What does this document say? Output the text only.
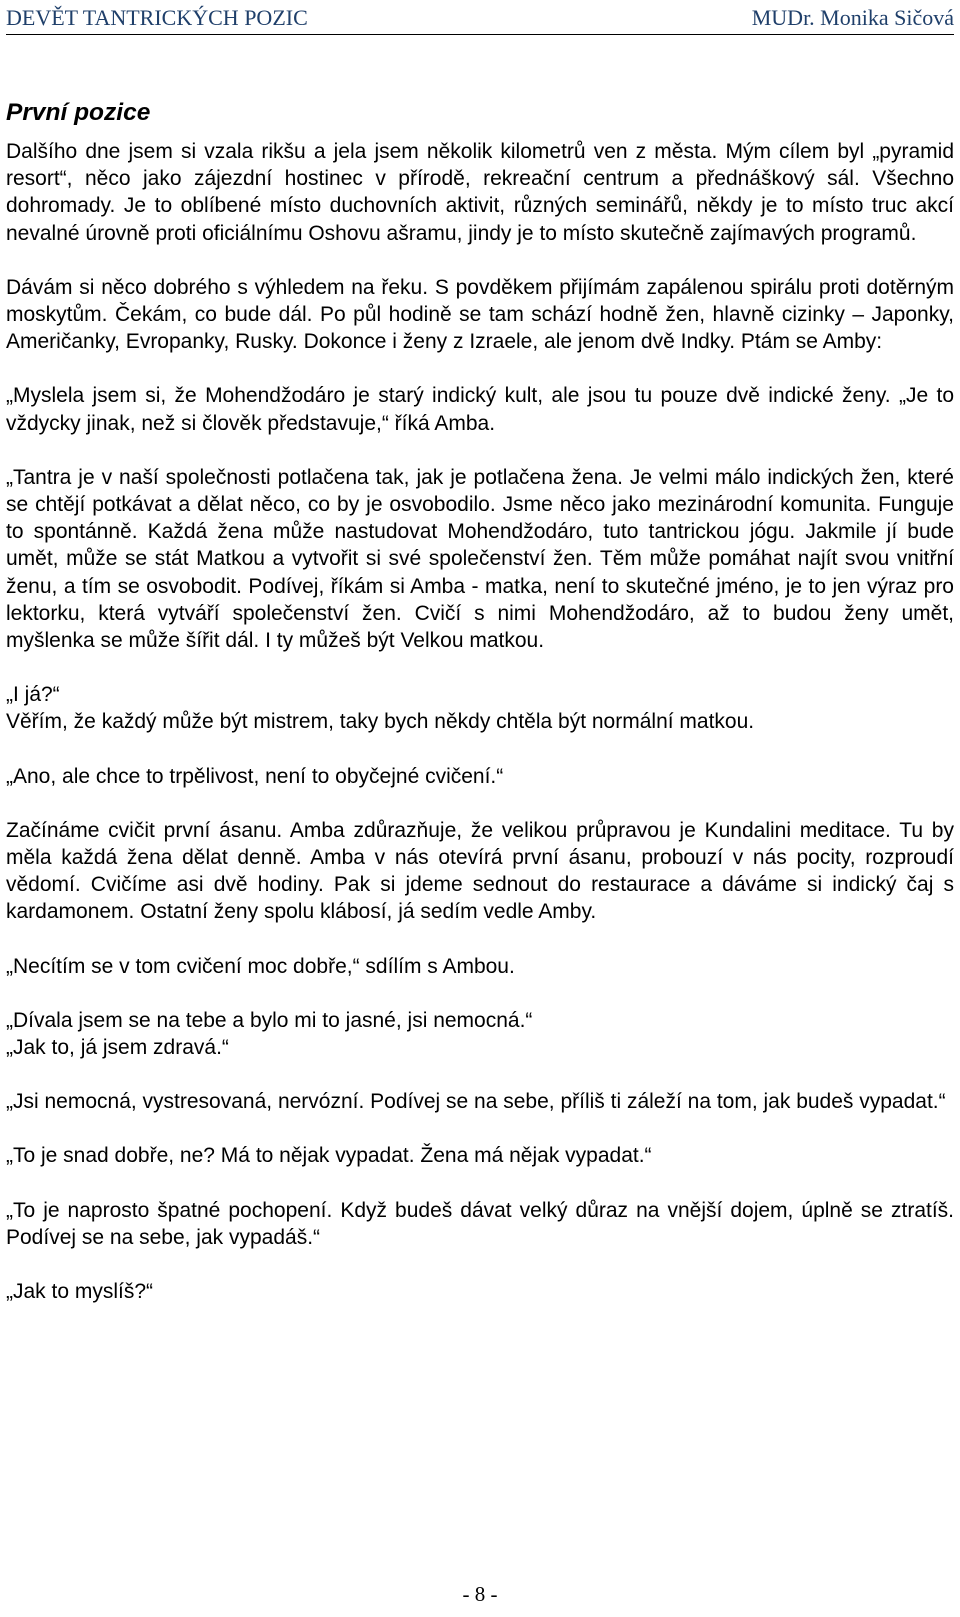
DEVĚT TANTRICKÝCH POZIC	MUDr. Monika Sičová
První pozice

Dalšího dne jsem si vzala rikšu a jela jsem několik kilometrů ven z města. Mým cílem byl „pyramid resort“, něco jako zájezdní hostinec v přírodě, rekreační centrum a přednáškový sál. Všechno dohromady. Je to oblíbené místo duchovních aktivit, různých seminářů, někdy je to místo truc akcí nevalné úrovně proti oficiálnímu Oshovu ašramu, jindy je to místo skutečně zajímavých programů.

Dávám si něco dobrého s výhledem na řeku. S povděkem přijímám zapálenou spirálu proti dotěrným moskytům. Čekám, co bude dál. Po půl hodině se tam schází hodně žen, hlavně cizinky – Japonky, Američanky, Evropanky, Rusky. Dokonce i ženy z Izraele, ale jenom dvě Indky. Ptám se Amby:

„Myslela jsem si, že Mohendžodáro je starý indický kult, ale jsou tu pouze dvě indické ženy. „Je to vždycky jinak, než si člověk představuje,“ říká Amba.

„Tantra je v naší společnosti potlačena tak, jak je potlačena žena. Je velmi málo indických žen, které se chtějí potkávat a dělat něco, co by je osvobodilo. Jsme něco jako mezinárodní komunita. Funguje to spontánně. Každá žena může nastudovat Mohendžodáro, tuto tantrickou jógu. Jakmile jí bude umět, může se stát Matkou a vytvořit si své společenství žen. Těm může pomáhat najít svou vnitřní ženu, a tím se osvobodit. Podívej, říkám si Amba - matka, není to skutečné jméno, je to jen výraz pro lektorku, která vytváří společenství žen. Cvičí s nimi Mohendžodáro, až to budou ženy umět, myšlenka se může šířit dál. I ty můžeš být Velkou matkou.

„I já?“
Věřím, že každý může být mistrem, taky bych někdy chtěla být normální matkou.

„Ano, ale chce to trpělivost, není to obyčejné cvičení.“

Začínáme cvičit první ásanu. Amba zdůrazňuje, že velikou průpravou je Kundalini meditace. Tu by měla každá žena dělat denně. Amba v nás otevírá první ásanu, probouzí v nás pocity, rozproudí vědomí. Cvičíme asi dvě hodiny. Pak si jdeme sednout do restaurace a dáváme si indický čaj s kardamonem. Ostatní ženy spolu klábosí, já sedím vedle Amby.

„Necítím se v tom cvičení moc dobře,“ sdílím s Ambou.

„Dívala jsem se na tebe a bylo mi to jasné, jsi nemocná.“
„Jak to, já jsem zdravá.“

„Jsi nemocná, vystresovaná, nervózní. Podívej se na sebe, příliš ti záleží na tom, jak budeš vypadat.“

„To je snad dobře, ne? Má to nějak vypadat. Žena má nějak vypadat.“

„To je naprosto špatné pochopení. Když budeš dávat velký důraz na vnější dojem, úplně se ztratíš. Podívej se na sebe, jak vypadáš.“

„Jak to myslíš?“

- 8 -
